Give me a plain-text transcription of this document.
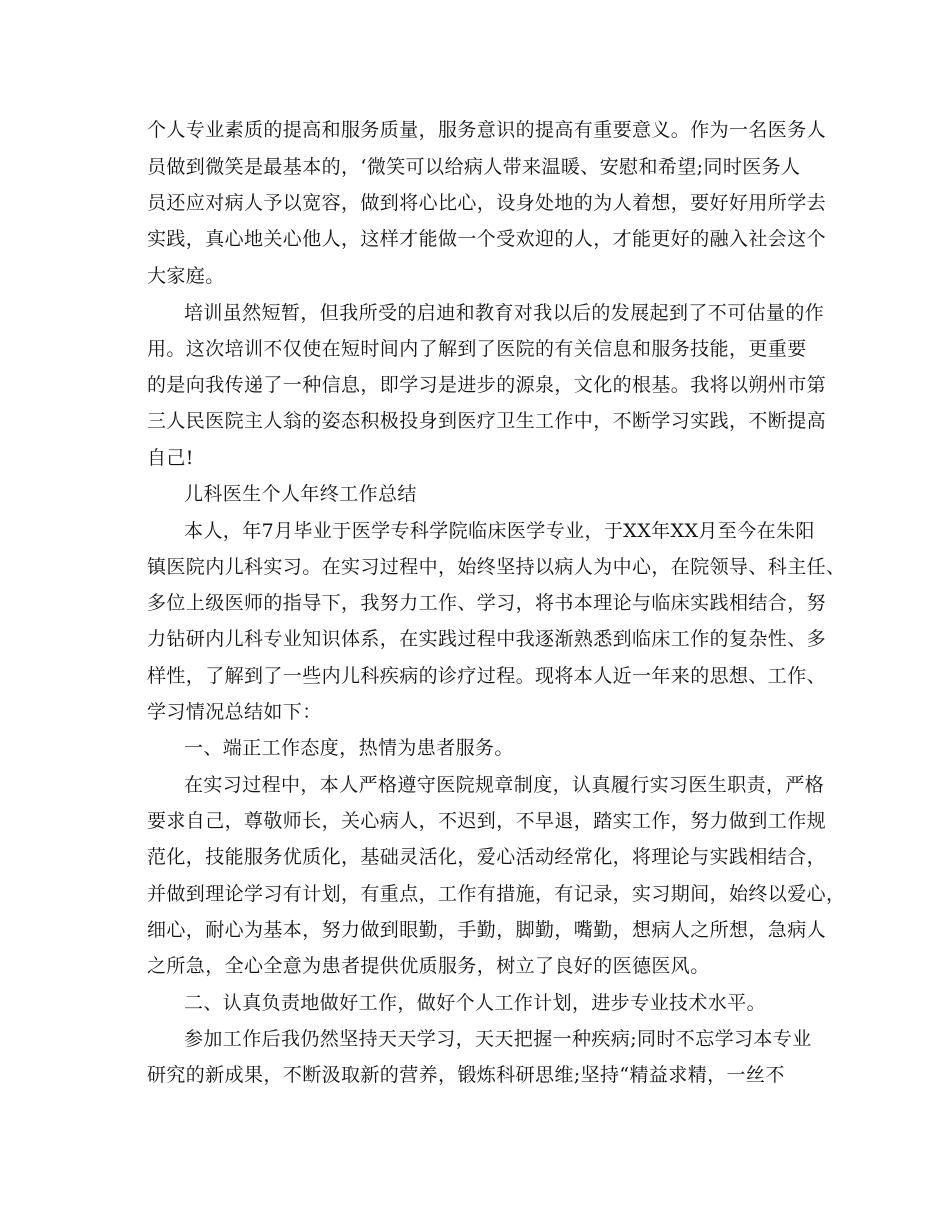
个人专业素质的提高和服务质量，服务意识的提高有重要意义。作为一名医务人
员做到微笑是最基本的，‘微笑可以给病人带来温暖、安慰和希望;同时医务人
员还应对病人予以宽容，做到将心比心，设身处地的为人着想，要好好用所学去
实践，真心地关心他人，这样才能做一个受欢迎的人，才能更好的融入社会这个
大家庭。
培训虽然短暂，但我所受的启迪和教育对我以后的发展起到了不可估量的作
用。这次培训不仅使在短时间内了解到了医院的有关信息和服务技能，更重要
的是向我传递了一种信息，即学习是进步的源泉，文化的根基。我将以朔州市第
三人民医院主人翁的姿态积极投身到医疗卫生工作中，不断学习实践，不断提高
自己!
儿科医生个人年终工作总结
本人，年7月毕业于医学专科学院临床医学专业，于XX年XX月至今在朱阳
镇医院内儿科实习。在实习过程中，始终坚持以病人为中心，在院领导、科主任、
多位上级医师的指导下，我努力工作、学习，将书本理论与临床实践相结合，努
力钻研内儿科专业知识体系，在实践过程中我逐渐熟悉到临床工作的复杂性、多
样性，了解到了一些内儿科疾病的诊疗过程。现将本人近一年来的思想、工作、
学习情况总结如下：
一、端正工作态度，热情为患者服务。
在实习过程中，本人严格遵守医院规章制度，认真履行实习医生职责，严格
要求自己，尊敬师长，关心病人，不迟到，不早退，踏实工作，努力做到工作规
范化，技能服务优质化，基础灵活化，爱心活动经常化，将理论与实践相结合，
并做到理论学习有计划，有重点，工作有措施，有记录，实习期间，始终以爱心，
细心，耐心为基本，努力做到眼勤，手勤，脚勤，嘴勤，想病人之所想，急病人
之所急，全心全意为患者提供优质服务，树立了良好的医德医风。
二、认真负责地做好工作，做好个人工作计划，进步专业技术水平。
参加工作后我仍然坚持天天学习，天天把握一种疾病;同时不忘学习本专业
研究的新成果，不断汲取新的营养，锻炼科研思维;坚持“精益求精，一丝不
